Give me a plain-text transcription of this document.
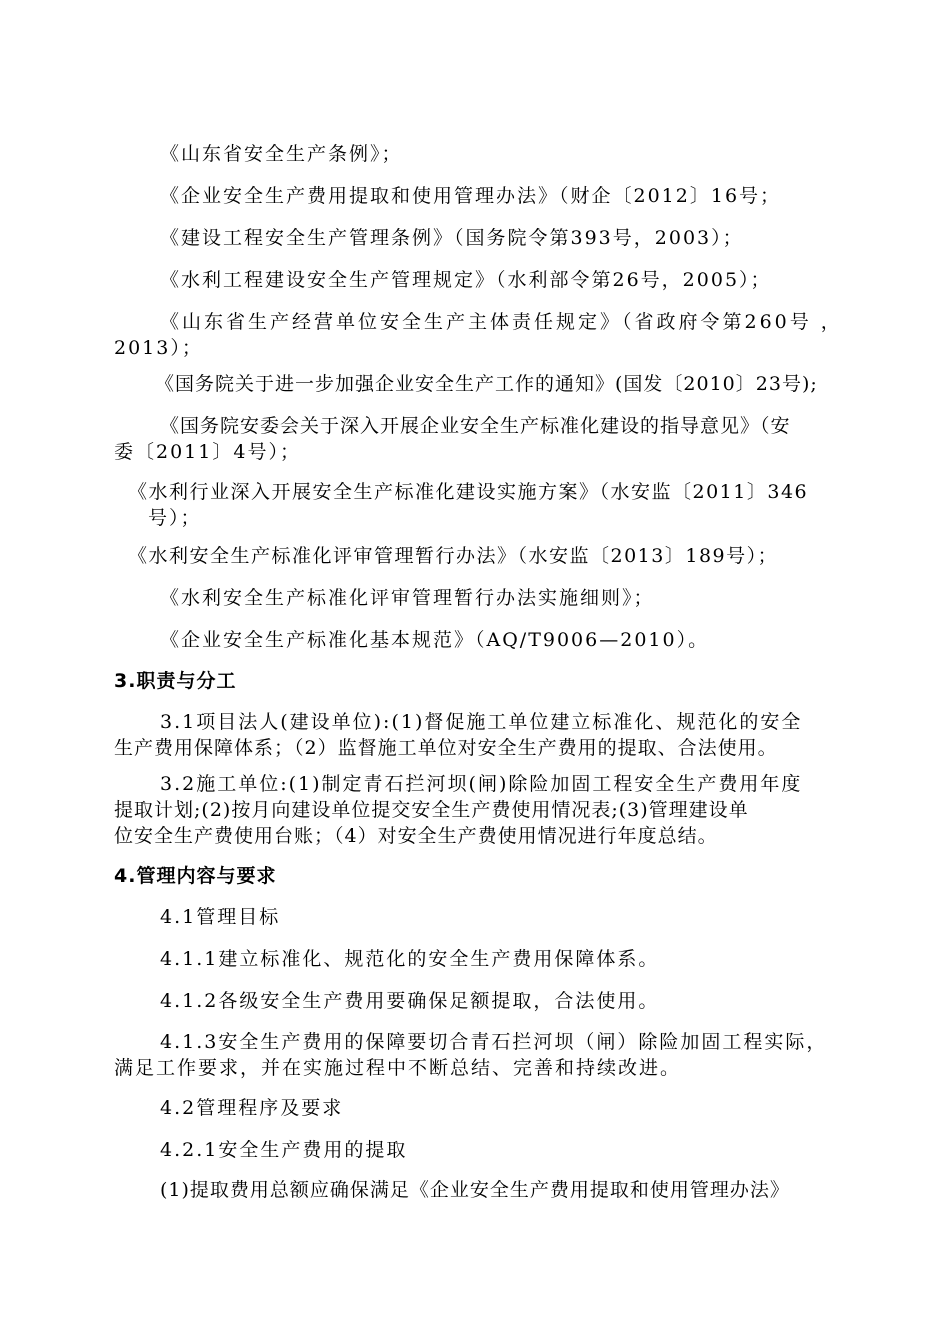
《山东省安全生产条例》；
《企业安全生产费用提取和使用管理办法》（财企〔2012〕16号；
《建设工程安全生产管理条例》（国务院令第393号，2003）；
《水利工程建设安全生产管理规定》（水利部令第26号，2005）；
《山东省生产经营单位安全生产主体责任规定》（省政府令第260号 ，
2013）；
《国务院关于进一步加强企业安全生产工作的通知》(国发〔2010〕23号);
《国务院安委会关于深入开展企业安全生产标准化建设的指导意见》（安
委〔2011〕4号）；
《水利行业深入开展安全生产标准化建设实施方案》（水安监〔2011〕346
号）；
《水利安全生产标准化评审管理暂行办法》（水安监〔2013〕189号）；
《水利安全生产标准化评审管理暂行办法实施细则》；
《企业安全生产标准化基本规范》（AQ/T9006—2010）。
3.职责与分工
3.1项目法人(建设单位):(1)督促施工单位建立标准化、规范化的安全
生产费用保障体系；（2）监督施工单位对安全生产费用的提取、合法使用。
3.2施工单位:(1)制定青石拦河坝(闸)除险加固工程安全生产费用年度
提取计划;(2)按月向建设单位提交安全生产费使用情况表;(3)管理建设单
位安全生产费使用台账；（4）对安全生产费使用情况进行年度总结。
4.管理内容与要求
4.1管理目标
4.1.1建立标准化、规范化的安全生产费用保障体系。
4.1.2各级安全生产费用要确保足额提取，合法使用。
4.1.3安全生产费用的保障要切合青石拦河坝（闸）除险加固工程实际，
满足工作要求，并在实施过程中不断总结、完善和持续改进。
4.2管理程序及要求
4.2.1安全生产费用的提取
(1)提取费用总额应确保满足《企业安全生产费用提取和使用管理办法》
